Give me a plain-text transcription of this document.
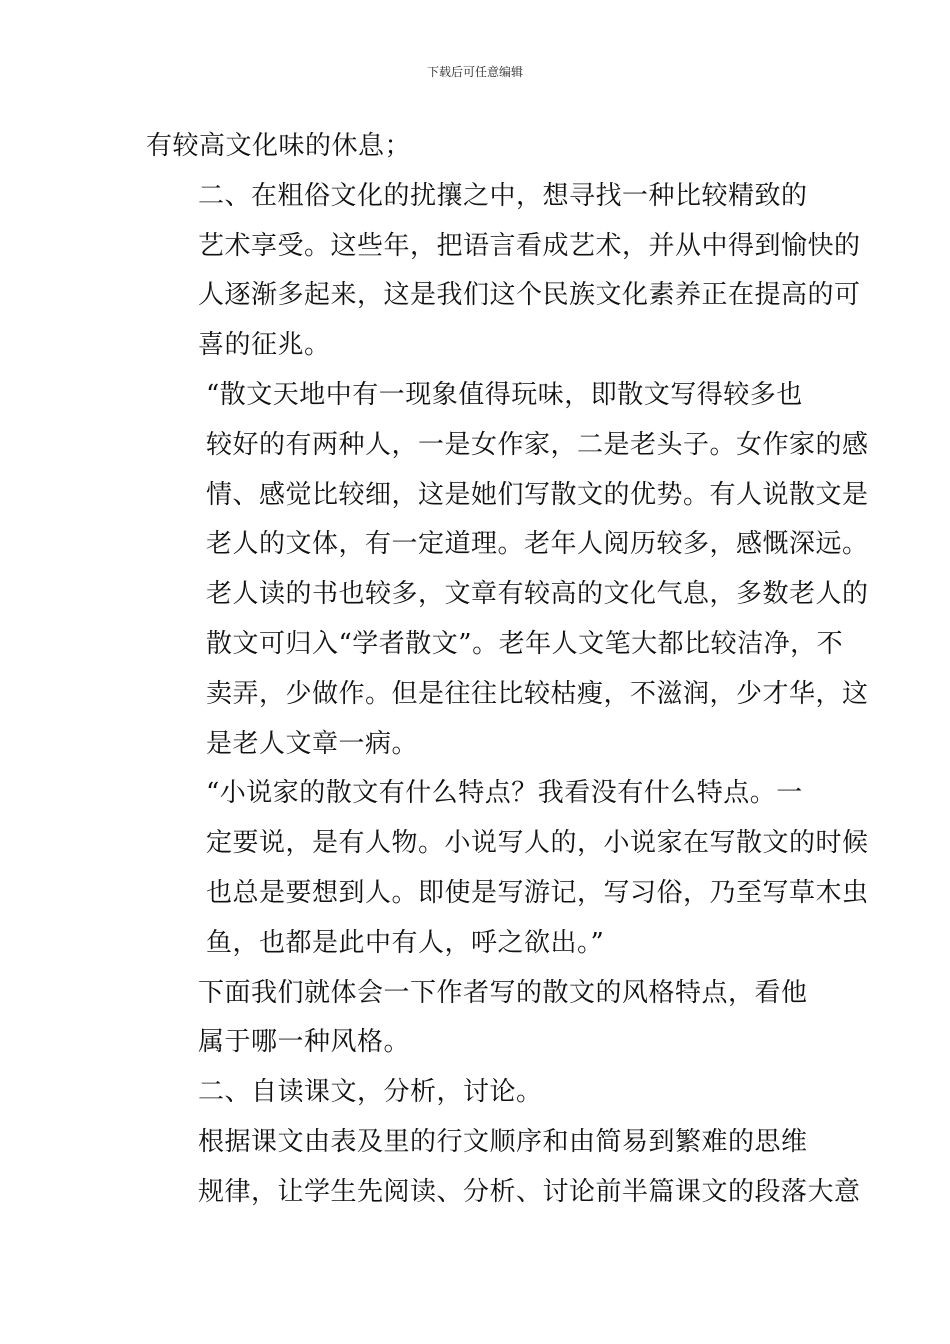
下载后可任意编辑
有较高文化味的休息；
二、在粗俗文化的扰攘之中，想寻找一种比较精致的
艺术享受。这些年，把语言看成艺术，并从中得到愉快的
人逐渐多起来，这是我们这个民族文化素养正在提高的可
喜的征兆。
“散文天地中有一现象值得玩味，即散文写得较多也
较好的有两种人，一是女作家，二是老头子。女作家的感
情、感觉比较细，这是她们写散文的优势。有人说散文是
老人的文体，有一定道理。老年人阅历较多，感慨深远。
老人读的书也较多，文章有较高的文化气息，多数老人的
散文可归入“学者散文”。老年人文笔大都比较洁净，不
卖弄，少做作。但是往往比较枯瘦，不滋润，少才华，这
是老人文章一病。
“小说家的散文有什么特点？我看没有什么特点。一
定要说，是有人物。小说写人的，小说家在写散文的时候
也总是要想到人。即使是写游记，写习俗，乃至写草木虫
鱼，也都是此中有人，呼之欲出。”
下面我们就体会一下作者写的散文的风格特点，看他
属于哪一种风格。
二、自读课文，分析，讨论。
根据课文由表及里的行文顺序和由简易到繁难的思维
规律，让学生先阅读、分析、讨论前半篇课文的段落大意
